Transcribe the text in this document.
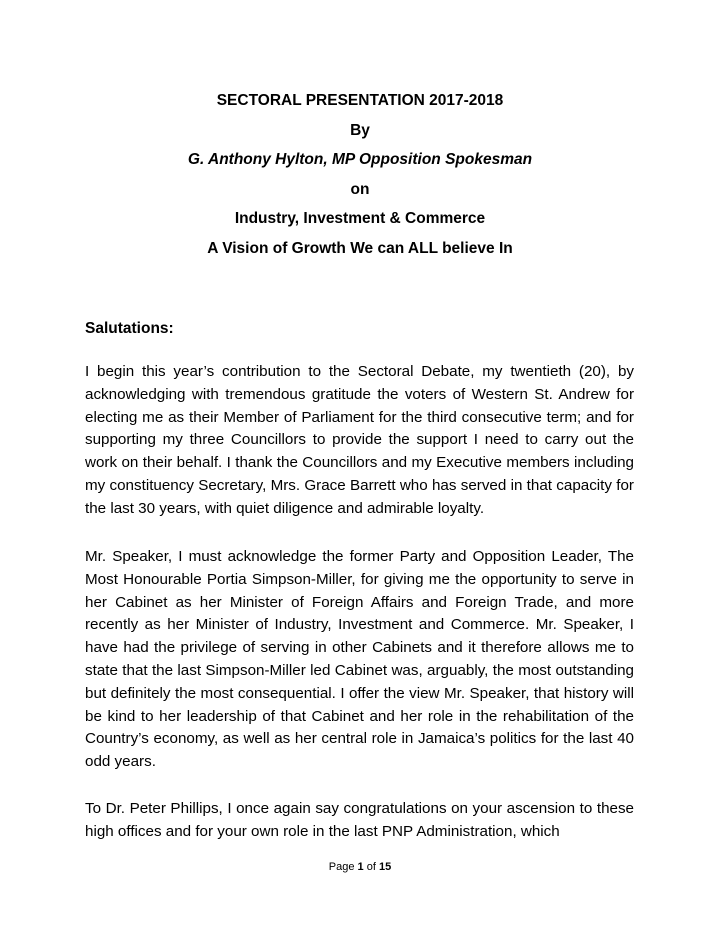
SECTORAL PRESENTATION 2017-2018
By
G. Anthony Hylton, MP Opposition Spokesman
on
Industry, Investment & Commerce
A Vision of Growth We can ALL believe In
Salutations:

I begin this year’s contribution to the Sectoral Debate, my twentieth (20), by acknowledging with tremendous gratitude the voters of Western St. Andrew for electing me as their Member of Parliament for the third consecutive term; and for supporting my three Councillors to provide the support I need to carry out the work on their behalf. I thank the Councillors and my Executive members including my constituency Secretary, Mrs. Grace Barrett who has served in that capacity for the last 30 years, with quiet diligence and admirable loyalty.

Mr. Speaker, I must acknowledge the former Party and Opposition Leader, The Most Honourable Portia Simpson-Miller, for giving me the opportunity to serve in her Cabinet as her Minister of Foreign Affairs and Foreign Trade, and more recently as her Minister of Industry, Investment and Commerce. Mr. Speaker, I have had the privilege of serving in other Cabinets and it therefore allows me to state that the last Simpson-Miller led Cabinet was, arguably, the most outstanding but definitely the most consequential. I offer the view Mr. Speaker, that history will be kind to her leadership of that Cabinet and her role in the rehabilitation of the Country’s economy, as well as her central role in Jamaica’s politics for the last 40 odd years.

To Dr. Peter Phillips, I once again say congratulations on your ascension to these high offices and for your own role in the last PNP Administration, which

Page 1 of 15
